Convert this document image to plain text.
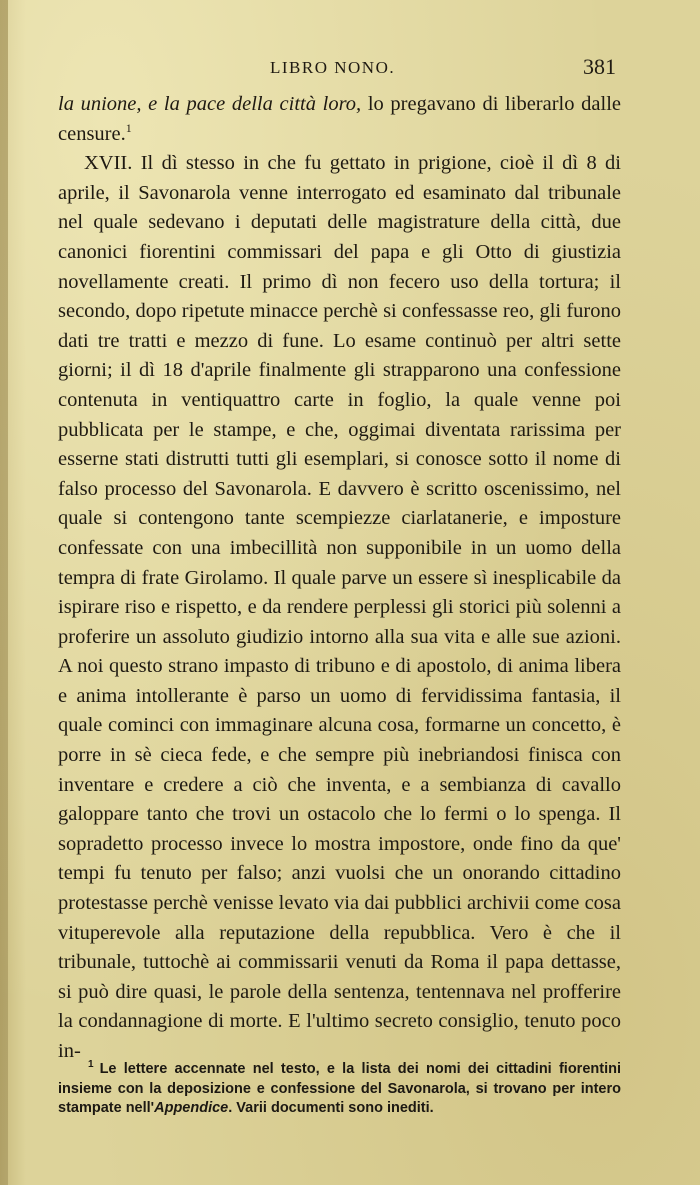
LIBRO NONO.	381

la unione, e la pace della città loro, lo pregavano di liberarlo dalle censure.$^1$

XVII. Il dì stesso in che fu gettato in prigione, cioè il dì 8 di aprile, il Savonarola venne interrogato ed esaminato dal tribunale nel quale sedevano i deputati delle magistrature della città, due canonici fiorentini commissari del papa e gli Otto di giustizia novellamente creati. Il primo dì non fecero uso della tortura; il secondo, dopo ripetute minacce perchè si confessasse reo, gli furono dati tre tratti e mezzo di fune. Lo esame continuò per altri sette giorni; il dì 18 d'aprile finalmente gli strapparono una confessione contenuta in ventiquattro carte in foglio, la quale venne poi pubblicata per le stampe, e che, oggimai diventata rarissima per esserne stati distrutti tutti gli esemplari, si conosce sotto il nome di falso processo del Savonarola. E davvero è scritto oscenissimo, nel quale si contengono tante scempiezze ciarlatanerie, e imposture confessate con una imbecillità non supponibile in un uomo della tempra di frate Girolamo. Il quale parve un essere sì inesplicabile da ispirare riso e rispetto, e da rendere perplessi gli storici più solenni a proferire un assoluto giudizio intorno alla sua vita e alle sue azioni. A noi questo strano impasto di tribuno e di apostolo, di anima libera e anima intollerante è parso un uomo di fervidissima fantasia, il quale cominci con immaginare alcuna cosa, formarne un concetto, è porre in sè cieca fede, e che sempre più inebriandosi finisca con inventare e credere a ciò che inventa, e a sembianza di cavallo galoppare tanto che trovi un ostacolo che lo fermi o lo spenga. Il sopradetto processo invece lo mostra impostore, onde fino da que' tempi fu tenuto per falso; anzi vuolsi che un onorando cittadino protestasse perchè venisse levato via dai pubblici archivii come cosa vituperevole alla reputazione della repubblica. Vero è che il tribunale, tuttochè ai commissarii venuti da Roma il papa dettasse, si può dire quasi, le parole della sentenza, tentennava nel profferire la condannagione di morte. E l'ultimo secreto consiglio, tenuto poco in-

$^1$ Le lettere accennate nel testo, e la lista dei nomi dei cittadini fiorentini insieme con la deposizione e confessione del Savonarola, si trovano per intero stampate nell'Appendice. Varii documenti sono inediti.
